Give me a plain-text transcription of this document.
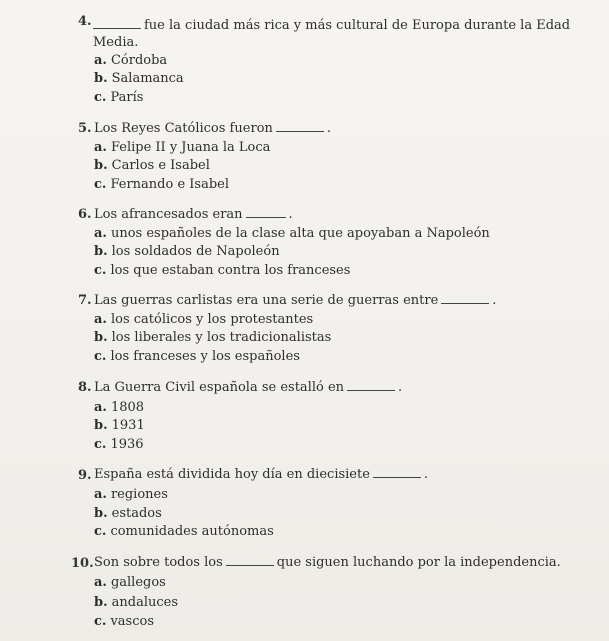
4.	fue la ciudad más rica y más cultural de Europa durante la Edad
Media.
a. Córdoba
b. Salamanca
c. París
5. Los Reyes Católicos fueron	.
a. Felipe II y Juana la Loca
b. Carlos e Isabel
c. Fernando e Isabel
6. Los afrancesados eran	.
a. unos españoles de la clase alta que apoyaban a Napoleón
b. los soldados de Napoleón
c. los que estaban contra los franceses
7. Las guerras carlistas era una serie de guerras entre	.
a. los católicos y los protestantes
b. los liberales y los tradicionalistas
c. los franceses y los españoles
8. La Guerra Civil española se estalló en	.
a. 1808
b. 1931
c. 1936
9. España está dividida hoy día en diecisiete	.
a. regiones
b. estados
c. comunidades autónomas
10. Son sobre todos los	que siguen luchando por la independencia.
a. gallegos
b. andaluces
c. vascos
